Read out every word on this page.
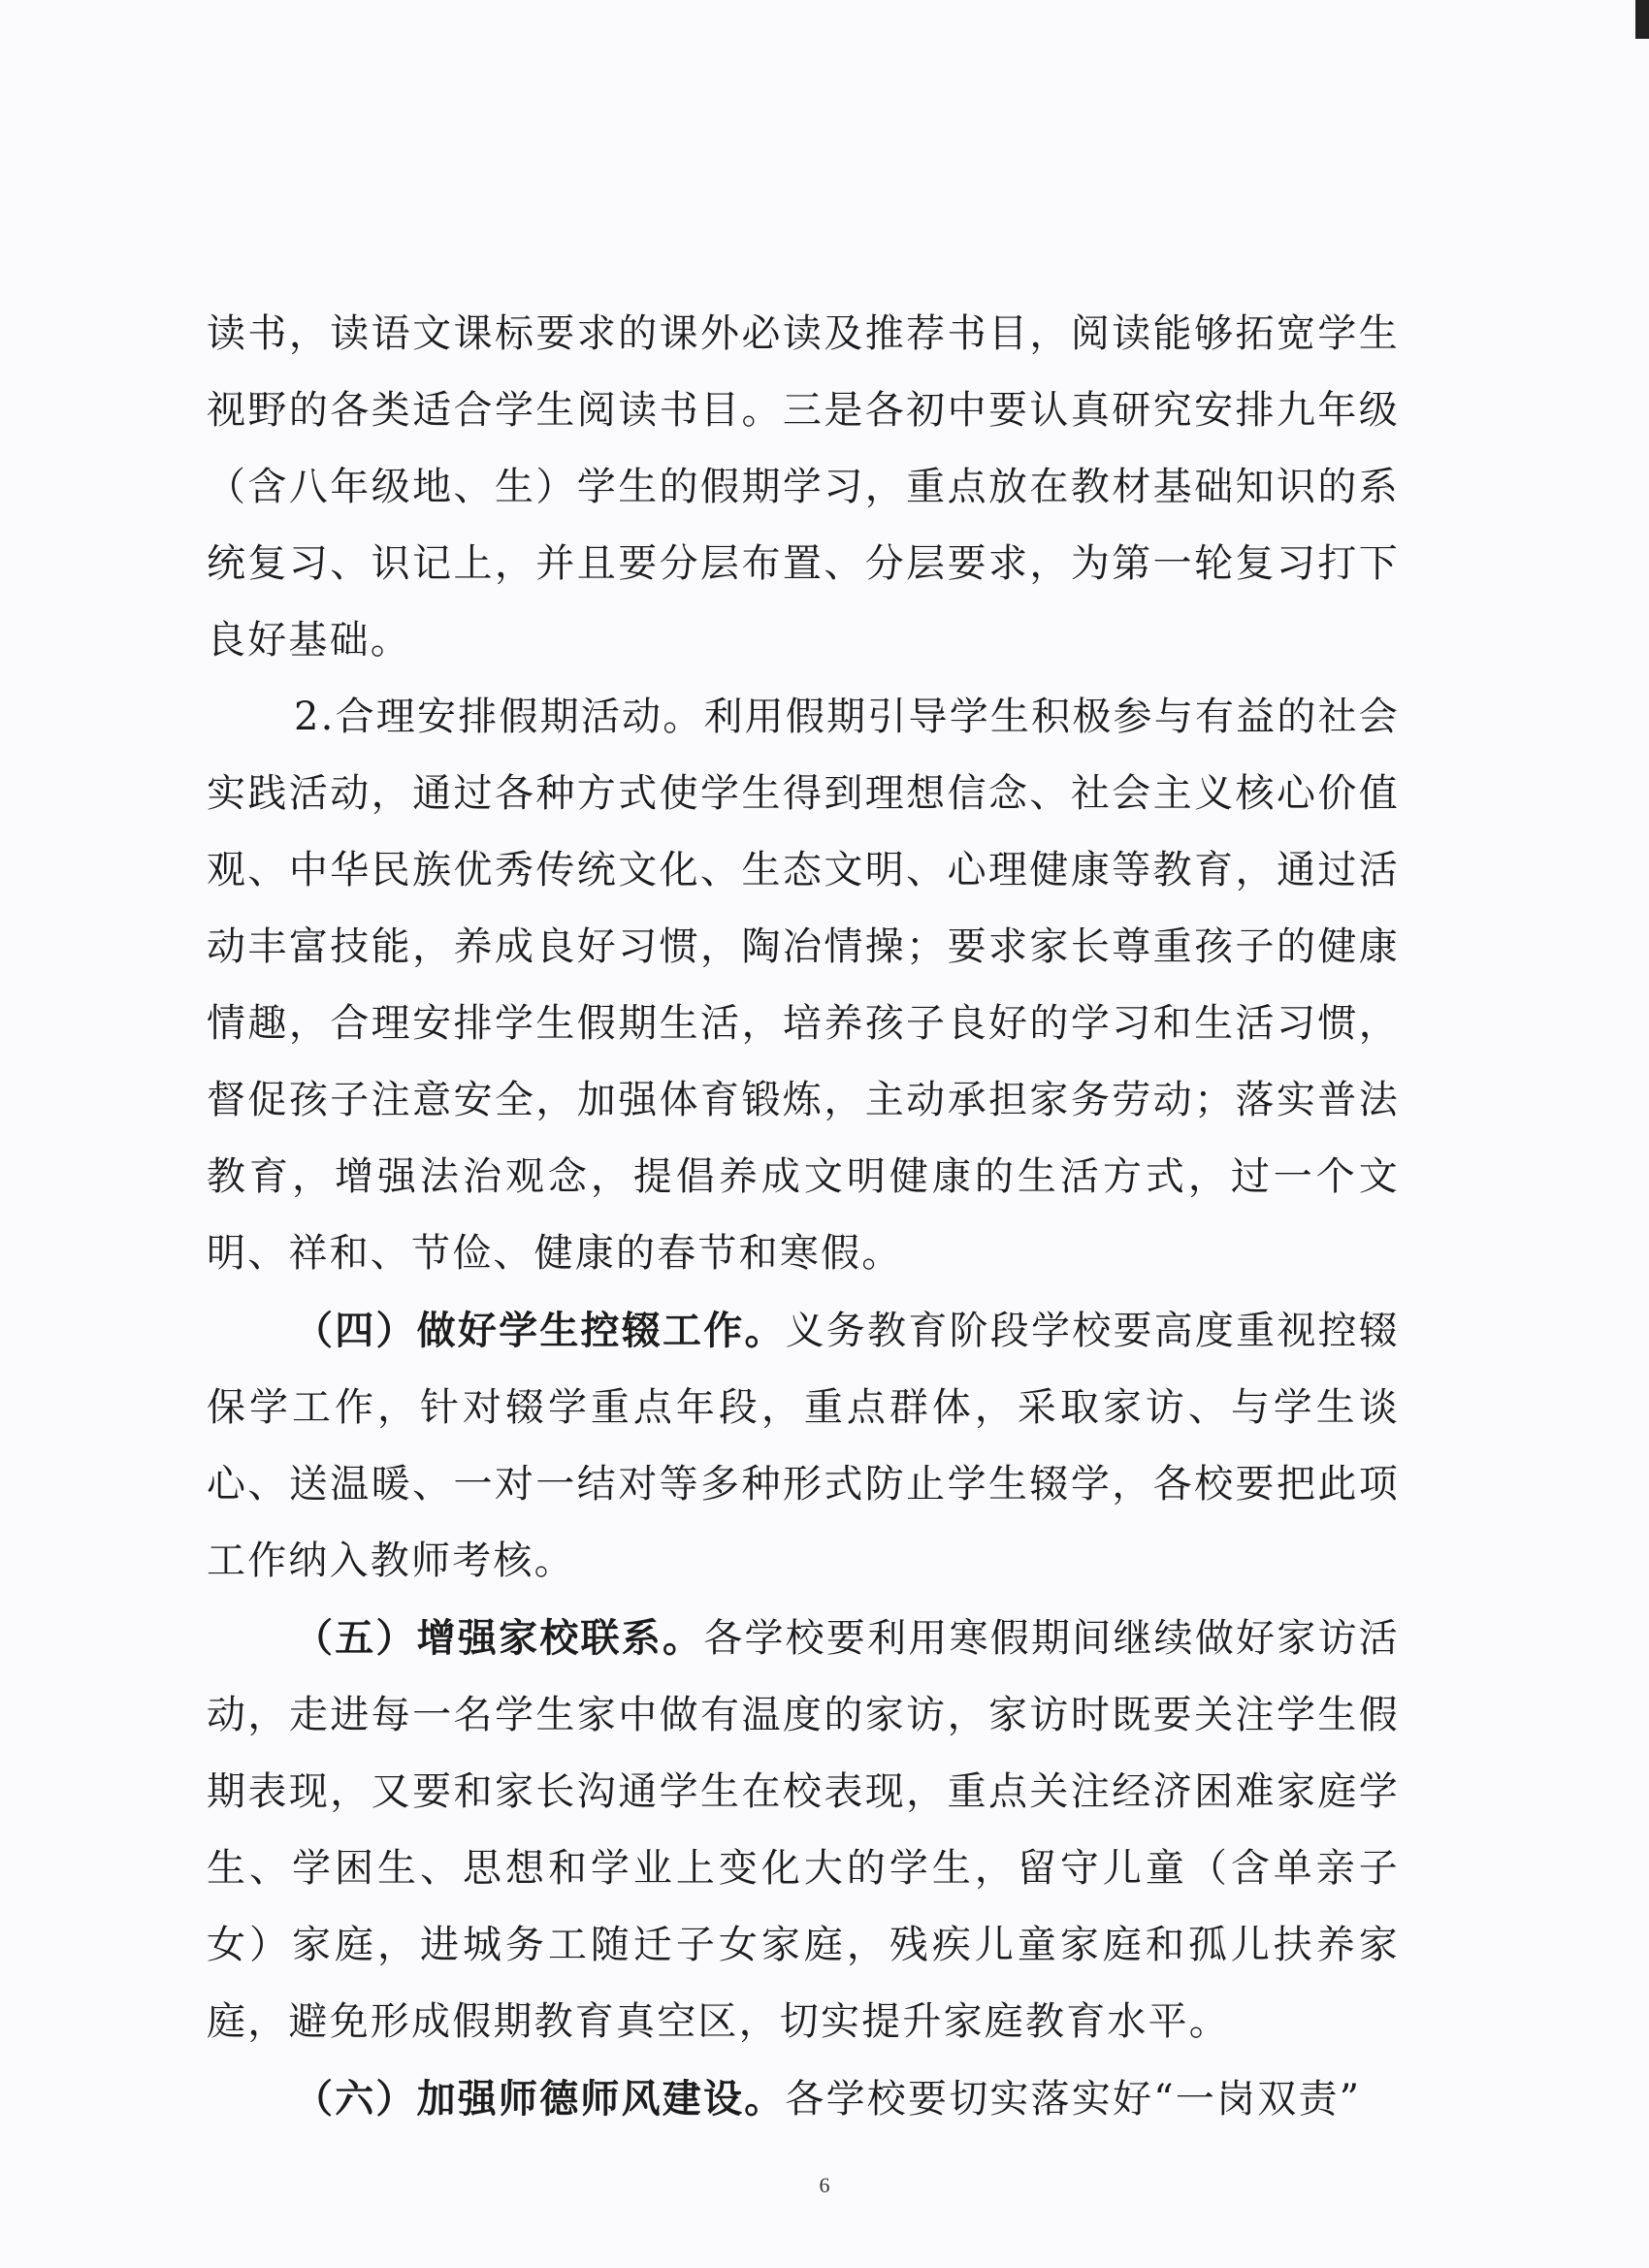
读书，读语文课标要求的课外必读及推荐书目，阅读能够拓宽学生视野的各类适合学生阅读书目。三是各初中要认真研究安排九年级（含八年级地、生）学生的假期学习，重点放在教材基础知识的系统复习、识记上，并且要分层布置、分层要求，为第一轮复习打下良好基础。

2.合理安排假期活动。利用假期引导学生积极参与有益的社会实践活动，通过各种方式使学生得到理想信念、社会主义核心价值观、中华民族优秀传统文化、生态文明、心理健康等教育，通过活动丰富技能，养成良好习惯，陶冶情操；要求家长尊重孩子的健康情趣，合理安排学生假期生活，培养孩子良好的学习和生活习惯，督促孩子注意安全，加强体育锻炼，主动承担家务劳动；落实普法教育，增强法治观念，提倡养成文明健康的生活方式，过一个文明、祥和、节俭、健康的春节和寒假。

（四）做好学生控辍工作。义务教育阶段学校要高度重视控辍保学工作，针对辍学重点年段，重点群体，采取家访、与学生谈心、送温暖、一对一结对等多种形式防止学生辍学，各校要把此项工作纳入教师考核。

（五）增强家校联系。各学校要利用寒假期间继续做好家访活动，走进每一名学生家中做有温度的家访，家访时既要关注学生假期表现，又要和家长沟通学生在校表现，重点关注经济困难家庭学生、学困生、思想和学业上变化大的学生，留守儿童（含单亲子女）家庭，进城务工随迁子女家庭，残疾儿童家庭和孤儿扶养家庭，避免形成假期教育真空区，切实提升家庭教育水平。

（六）加强师德师风建设。各学校要切实落实好“一岗双责”

6
